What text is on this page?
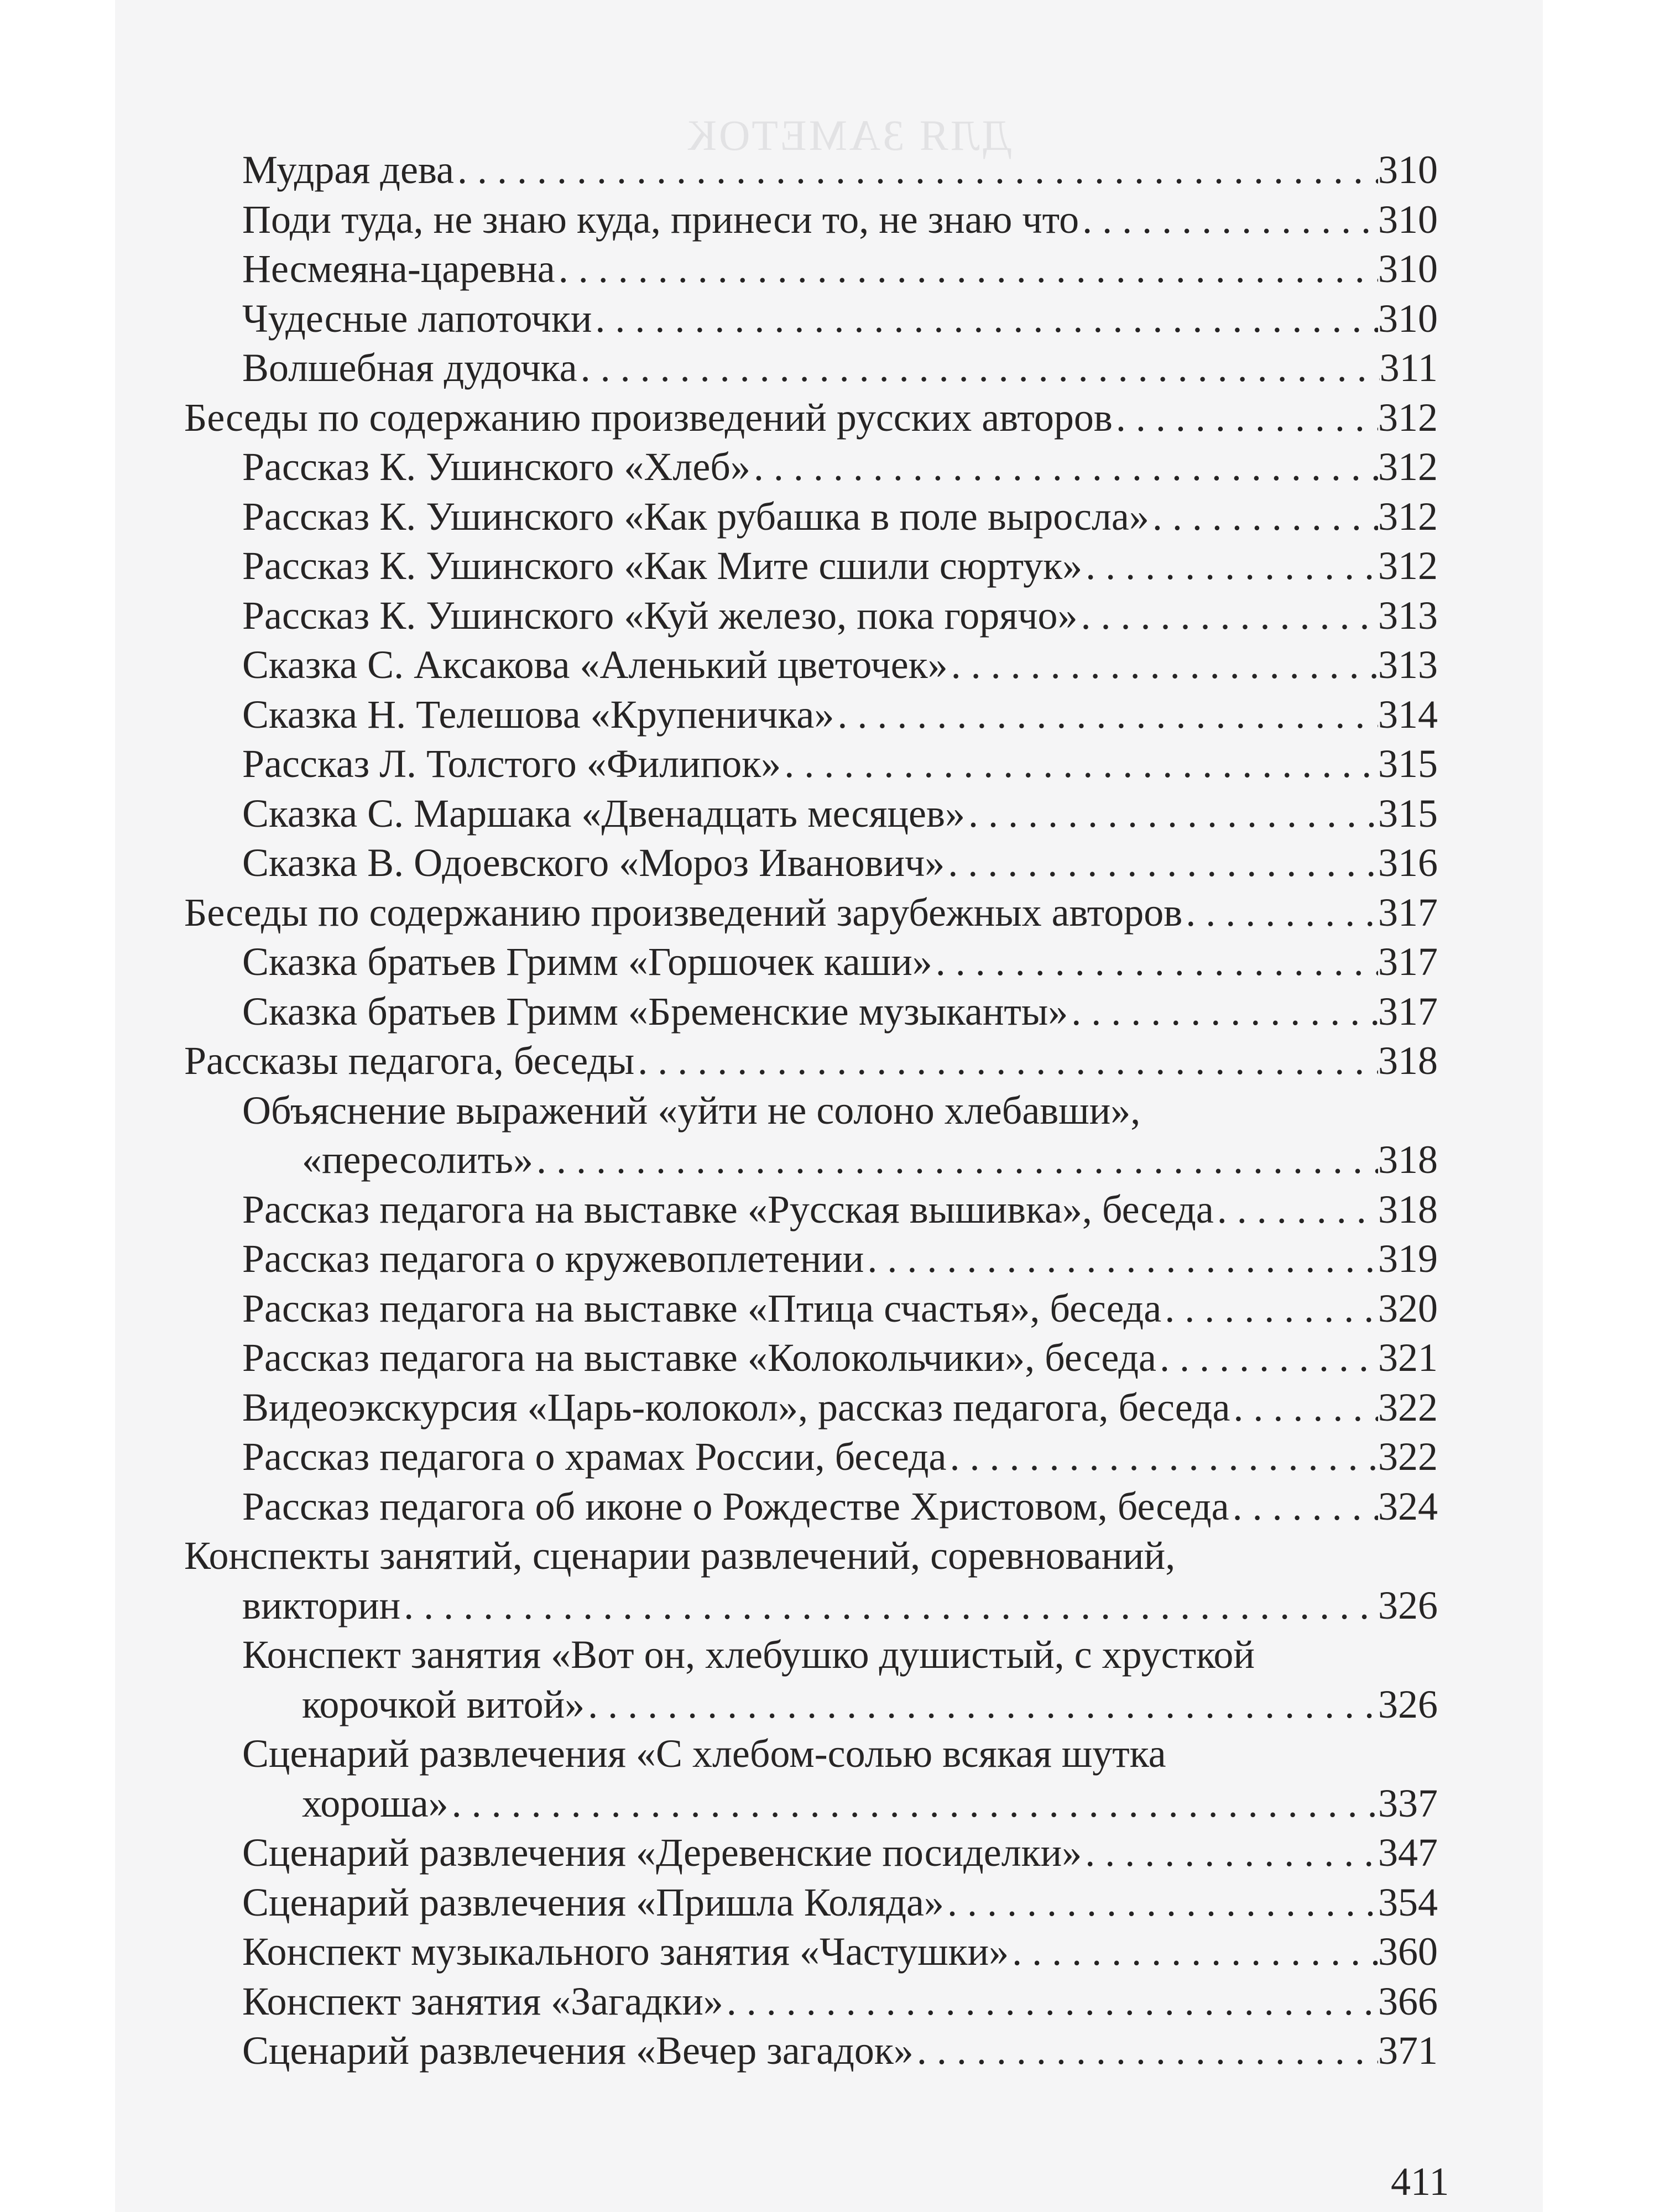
ДЛЯ ЗАМЕТОК
Мудрая дева . . .	310
Поди туда, не знаю куда, принеси то, не знаю что . . .	310
Несмеяна-царевна . . .	310
Чудесные лапоточки . . .	310
Волшебная дудочка . . .	311
Беседы по содержанию произведений русских авторов . . .	312
Рассказ К. Ушинского «Хлеб» . . .	312
Рассказ К. Ушинского «Как рубашка в поле выросла» . . .	312
Рассказ К. Ушинского «Как Мите сшили сюртук» . . .	312
Рассказ К. Ушинского «Куй железо, пока горячо» . . .	313
Сказка С. Аксакова «Аленький цветочек» . . .	313
Сказка Н. Телешова «Крупеничка» . . .	314
Рассказ Л. Толстого «Филипок» . . .	315
Сказка С. Маршака «Двенадцать месяцев» . . .	315
Сказка В. Одоевского «Мороз Иванович» . . .	316
Беседы по содержанию произведений зарубежных авторов . . .	317
Сказка братьев Гримм «Горшочек каши» . . .	317
Сказка братьев Гримм «Бременские музыканты» . . .	317
Рассказы педагога, беседы . . .	318
Объяснение выражений «уйти не солоно хлебавши»,
«пересолить» . . .	318
Рассказ педагога на выставке «Русская вышивка», беседа . . .	318
Рассказ педагога о кружевоплетении . . .	319
Рассказ педагога на выставке «Птица счастья», беседа . . .	320
Рассказ педагога на выставке «Колокольчики», беседа . . .	321
Видеоэкскурсия «Царь-колокол», рассказ педагога, беседа . . .	322
Рассказ педагога о храмах России, беседа . . .	322
Рассказ педагога об иконе о Рождестве Христовом, беседа . . .	324
Конспекты занятий, сценарии развлечений, соревнований,
викторин . . .	326
Конспект занятия «Вот он, хлебушко душистый, с хрусткой
корочкой витой» . . .	326
Сценарий развлечения «С хлебом-солью всякая шутка
хороша» . . .	337
Сценарий развлечения «Деревенские посиделки» . . .	347
Сценарий развлечения «Пришла Коляда» . . .	354
Конспект музыкального занятия «Частушки» . . .	360
Конспект занятия «Загадки» . . .	366
Сценарий развлечения «Вечер загадок» . . .	371
411
